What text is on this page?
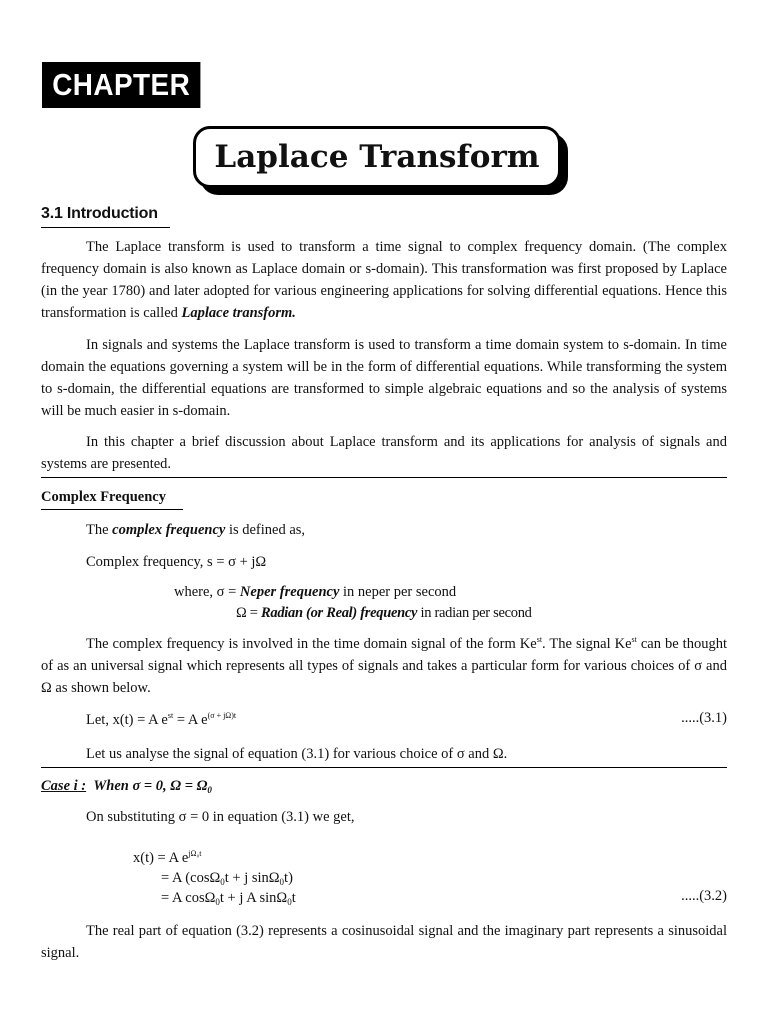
CHAPTER 3
Laplace Transform
3.1 Introduction
The Laplace transform is used to transform a time signal to complex frequency domain. (The complex frequency domain is also known as Laplace domain or s-domain). This transformation was first proposed by Laplace (in the year 1780) and later adopted for various engineering applications for solving differential equations. Hence this transformation is called Laplace transform.
In signals and systems the Laplace transform is used to transform a time domain system to s-domain. In time domain the equations governing a system will be in the form of differential equations. While transforming the system to s-domain, the differential equations are transformed to simple algebraic equations and so the analysis of systems will be much easier in s-domain.
In this chapter a brief discussion about Laplace transform and its applications for analysis of signals and systems are presented.
Complex Frequency
The complex frequency is defined as,
Complex frequency, s = σ + jΩ
where, σ = Neper frequency in neper per second
Ω = Radian (or Real) frequency in radian per second
The complex frequency is involved in the time domain signal of the form $Ke^{st}$. The signal $Ke^{st}$ can be thought of as an universal signal which represents all types of signals and takes a particular form for various choices of σ and Ω as shown below.
Let, x(t) = A $e^{st} = A$ $e^{(\sigma + j\Omega)t}$	.....(3.1)
Let us analyse the signal of equation (3.1) for various choice of σ and Ω.
Case i : When σ = 0, $\Omega = \Omega_0$
On substituting σ = 0 in equation (3.1) we get,
x(t) = A $e^{j\Omega_0t}$
= A (cosΩ$_0$t + j sinΩ$_0$t)
= A cosΩ$_0$t + j A sinΩ$_0$t	.....(3.2)
The real part of equation (3.2) represents a cosinusoidal signal and the imaginary part represents a sinusoidal signal.
